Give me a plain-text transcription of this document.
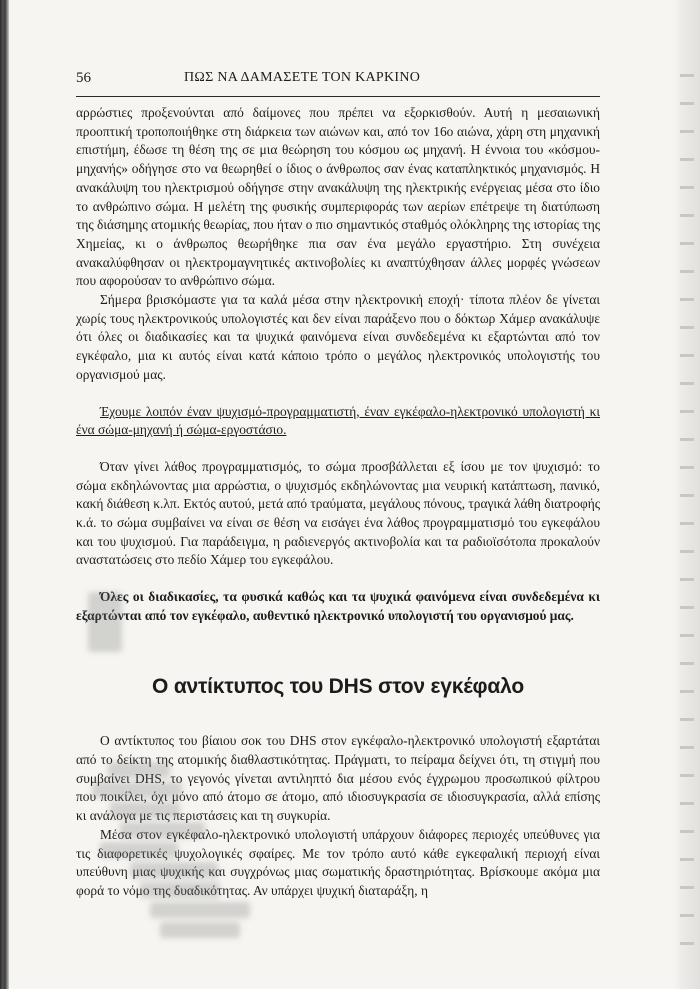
56	ΠΩΣ ΝΑ ΔΑΜΑΣΕΤΕ ΤΟΝ ΚΑΡΚΙΝΟ

αρρώστιες προξενούνται από δαίμονες που πρέπει να εξορκισθούν. Αυτή η μεσαιωνική προοπτική τροποποιήθηκε στη διάρκεια των αιώνων και, από τον 16ο αιώνα, χάρη στη μηχανική επιστήμη, έδωσε τη θέση της σε μια θεώρηση του κόσμου ως μηχανή. Η έννοια του «κόσμου-μηχανής» οδήγησε στο να θεωρηθεί ο ίδιος ο άνθρωπος σαν ένας καταπληκτικός μηχανισμός. Η ανακάλυψη του ηλεκτρισμού οδήγησε στην ανακάλυψη της ηλεκτρικής ενέργειας μέσα στο ίδιο το ανθρώπινο σώμα. Η μελέτη της φυσικής συμπεριφοράς των αερίων επέτρεψε τη διατύπωση της διάσημης ατομικής θεωρίας, που ήταν ο πιο σημαντικός σταθμός ολόκληρης της ιστορίας της Χημείας, κι ο άνθρωπος θεωρήθηκε πια σαν ένα μεγάλο εργαστήριο. Στη συνέχεια ανακαλύφθησαν οι ηλεκτρομαγνητικές ακτινοβολίες κι αναπτύχθησαν άλλες μορφές γνώσεων που αφορούσαν το ανθρώπινο σώμα.

Σήμερα βρισκόμαστε για τα καλά μέσα στην ηλεκτρονική εποχή· τίποτα πλέον δε γίνεται χωρίς τους ηλεκτρονικούς υπολογιστές και δεν είναι παράξενο που ο δόκτωρ Χάμερ ανακάλυψε ότι όλες οι διαδικασίες και τα ψυχικά φαινόμενα είναι συνδεδεμένα κι εξαρτώνται από τον εγκέφαλο, μια κι αυτός είναι κατά κάποιο τρόπο ο μεγάλος ηλεκτρονικός υπολογιστής του οργανισμού μας.

Έχουμε λοιπόν έναν ψυχισμό-προγραμματιστή, έναν εγκέφαλο-ηλεκτρονικό υπολογιστή κι ένα σώμα-μηχανή ή σώμα-εργοστάσιο.

Όταν γίνει λάθος προγραμματισμός, το σώμα προσβάλλεται εξ ίσου με τον ψυχισμό: το σώμα εκδηλώνοντας μια αρρώστια, ο ψυχισμός εκδηλώνοντας μια νευρική κατάπτωση, πανικό, κακή διάθεση κ.λπ. Εκτός αυτού, μετά από τραύματα, μεγάλους πόνους, τραγικά λάθη διατροφής κ.ά. το σώμα συμβαίνει να είναι σε θέση να εισάγει ένα λάθος προγραμματισμό του εγκεφάλου και του ψυχισμού. Για παράδειγμα, η ραδιενεργός ακτινοβολία και τα ραδιοϊσότοπα προκαλούν αναστατώσεις στο πεδίο Χάμερ του εγκεφάλου.

Όλες οι διαδικασίες, τα φυσικά καθώς και τα ψυχικά φαινόμενα είναι συνδεδεμένα κι εξαρτώνται από τον εγκέφαλο, αυθεντικό ηλεκτρονικό υπολογιστή του οργανισμού μας.

Ο αντίκτυπος του DHS στον εγκέφαλο

Ο αντίκτυπος του βίαιου σοκ του DHS στον εγκέφαλο-ηλεκτρονικό υπολογιστή εξαρτάται από το δείκτη της ατομικής διαθλαστικότητας. Πράγματι, το πείραμα δείχνει ότι, τη στιγμή που συμβαίνει DHS, το γεγονός γίνεται αντιληπτό δια μέσου ενός έγχρωμου προσωπικού φίλτρου που ποικίλει, όχι μόνο από άτομο σε άτομο, από ιδιοσυγκρασία σε ιδιοσυγκρασία, αλλά επίσης κι ανάλογα με τις περιστάσεις και τη συγκυρία.

Μέσα στον εγκέφαλο-ηλεκτρονικό υπολογιστή υπάρχουν διάφορες περιοχές υπεύθυνες για τις διαφορετικές ψυχολογικές σφαίρες. Με τον τρόπο αυτό κάθε εγκεφαλική περιοχή είναι υπεύθυνη μιας ψυχικής και συγχρόνως μιας σωματικής δραστηριότητας. Βρίσκουμε ακόμα μια φορά το νόμο της δυαδικότητας. Αν υπάρχει ψυχική διαταράξη, η
